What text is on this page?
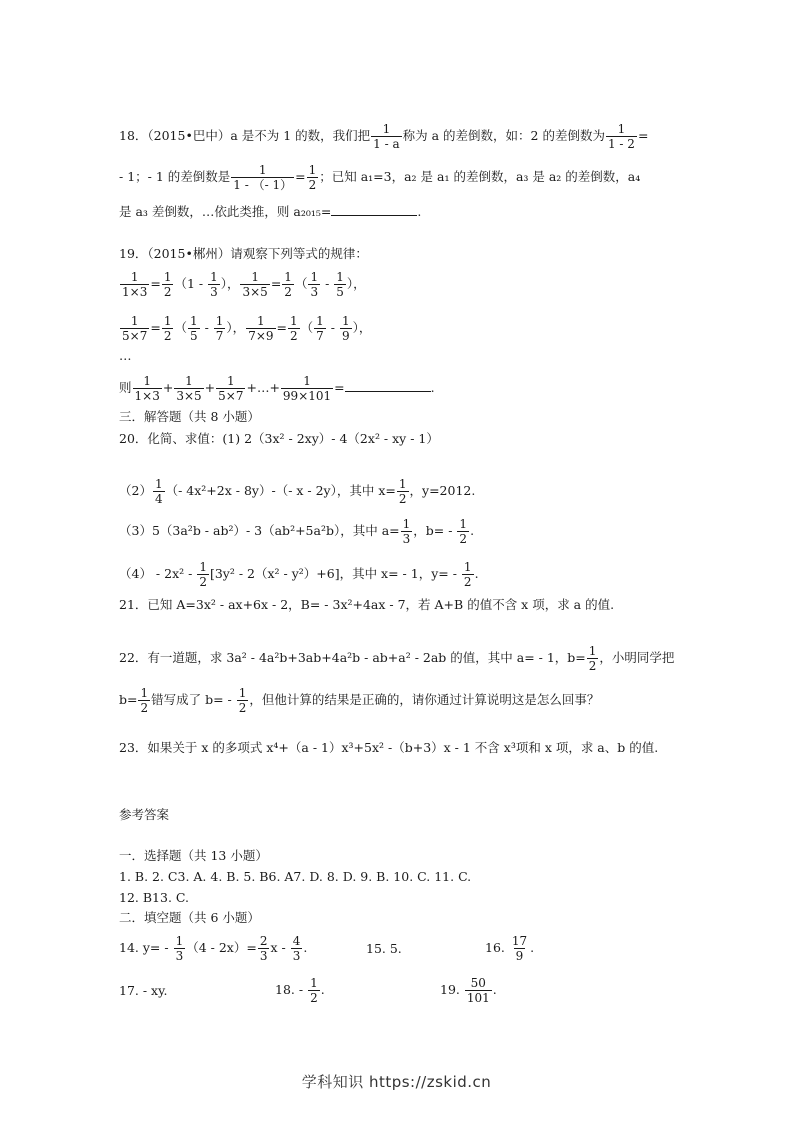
18．（2015•巴中）a 是不为 1 的数，我们把 $\frac{1}{1 - a}$ 称为 a 的差倒数，如：2 的差倒数为 $\frac{1}{1 - 2}$ =
- 1；- 1 的差倒数是 $\frac{1}{1 - (- 1)} = \frac{1}{2}$ ；已知 a₁=3，a₂ 是 a₁ 的差倒数，a₃ 是 a₂ 的差倒数，a₄
是 a₃ 差倒数，…依此类推，则 a₂₀₁₅=	.
19．（2015•郴州）请观察下列等式的规律：
$\frac{1}{1\times 3} = \frac{1}{2} (1 - \frac{1}{3}$ ）， $\frac{1}{3\times 5} = \frac{1}{2}$ （ $\frac{1}{3} - \frac{1}{5}$ ），
$\frac{1}{5\times 7} = \frac{1}{2}$ （ $\frac{1}{5} - \frac{1}{7}$ ）， $\frac{1}{7\times 9} = \frac{1}{2}$ （ $\frac{1}{7} - \frac{1}{9}$ ），
…
则 $\frac{1}{1\times 3} + \frac{1}{3\times 5} + \frac{1}{5\times 7}$ +…+ $\frac{1}{99\times 101}$ =	.
三．解答题（共 8 小题）
20．化简、求值：(1) 2（3x² - 2xy）- 4（2x² - xy - 1）
$(2) \frac{1}{4}$ （- 4x²+2x - 8y）-（- x - 2y），其中 $x= \frac{1}{2}$ ，y=2012.
（3）5（3a²b - ab²）- 3（ab²+5a²b），其中 $a= \frac{1}{3}$ ，$b= - \frac{1}{2}$ .
$(4) - 2x^2 - \frac{1}{2} [3y^2 - 2(x^2 - y^2)+6]$，其中 x= - 1，$y= - \frac{1}{2}$ .
21．已知 A=3x² - ax+6x - 2，B= - 3x²+4ax - 7，若 A+B 的值不含 x 项，求 a 的值.
22．有一道题，求 3a² - 4a²b+3ab+4a²b - ab+a² - 2ab 的值，其中 a= - 1，$b= \frac{1}{2}$ ，小明同学把
$b= \frac{1}{2}$ 错写成了 $b= - \frac{1}{2}$ ，但他计算的结果是正确的，请你通过计算说明这是怎么回事？
23．如果关于 x 的多项式 x⁴+（a - 1）x³+5x² -（b+3）x - 1 不含 x³项和 x 项，求 a、b 的值.
参考答案
一．选择题（共 13 小题）
1. B. 2. C3. A. 4. B. 5. B6. A7. D. 8. D. 9. B. 10. C. 11. C.
12. B13. C.
二．填空题（共 6 小题）
14. $y= - \frac{1}{3} (4 - 2x)= \frac{2}{3}$ x - $\frac{4}{3}$ .	15. 5.	16. $\frac{17}{9}$ .
17. - xy.	18. - $\frac{1}{2}$ .	19. $\frac{50}{101}$ .
学科知识 https://zskid.cn
